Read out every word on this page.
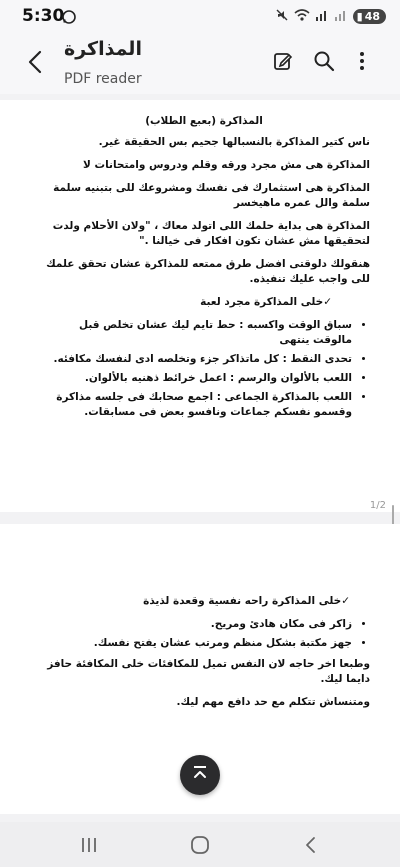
5:30	▮ 48
المذاكرة
PDF reader

المذاكرة (بعبع الطلاب)

ناس كتير المذاكرة بالنسبالها جحيم بس الحقيقة غير.

المذاكرة هى مش مجرد ورقه وقلم ودروس وامتحانات لا

المذاكرة هى استثمارك فى نفسك ومشروعك للى بتبنيه سلمة سلمة والل عمره ماهيخسر

المذاكرة هى بداية حلمك اللى اتولد معاك ، "ولان الأحلام ولدت لتحقيقها مش عشان تكون افكار فى خيالنا ."

هنقولك دلوقتى افضل طرق ممتعه للمذاكرة عشان تحقق علمك للى واجب عليك تنفيذه.

✓خلى المذاكرة مجرد لعبة

• سباق الوقت واكسبه : حط تايم ليك عشان تخلص قبل مالوقت ينتهى
• تحدى النقط : كل ماتذاكر جزء وتخلصه ادى لنفسك مكافئه.
• اللعب بالألوان والرسم : اعمل خرائط ذهنيه بالألوان.
• اللعب بالمذاكرة الجماعى : اجمع صحابك فى جلسه مذاكرة وقسمو نفسكم جماعات ونافسو بعض فى مسابقات.
1/2

✓خلى المذاكرة راحه نفسية وقعدة لذيذة

• زاكر فى مكان هادئ ومريح.
• جهز مكتبة بشكل منظم ومرتب عشان يفتح نفسك.

وطبعا اخر حاجه لان النفس تميل للمكافئات خلى المكافئة حافز دايما ليك.

ومتنساش تتكلم مع حد دافع مهم ليك.
